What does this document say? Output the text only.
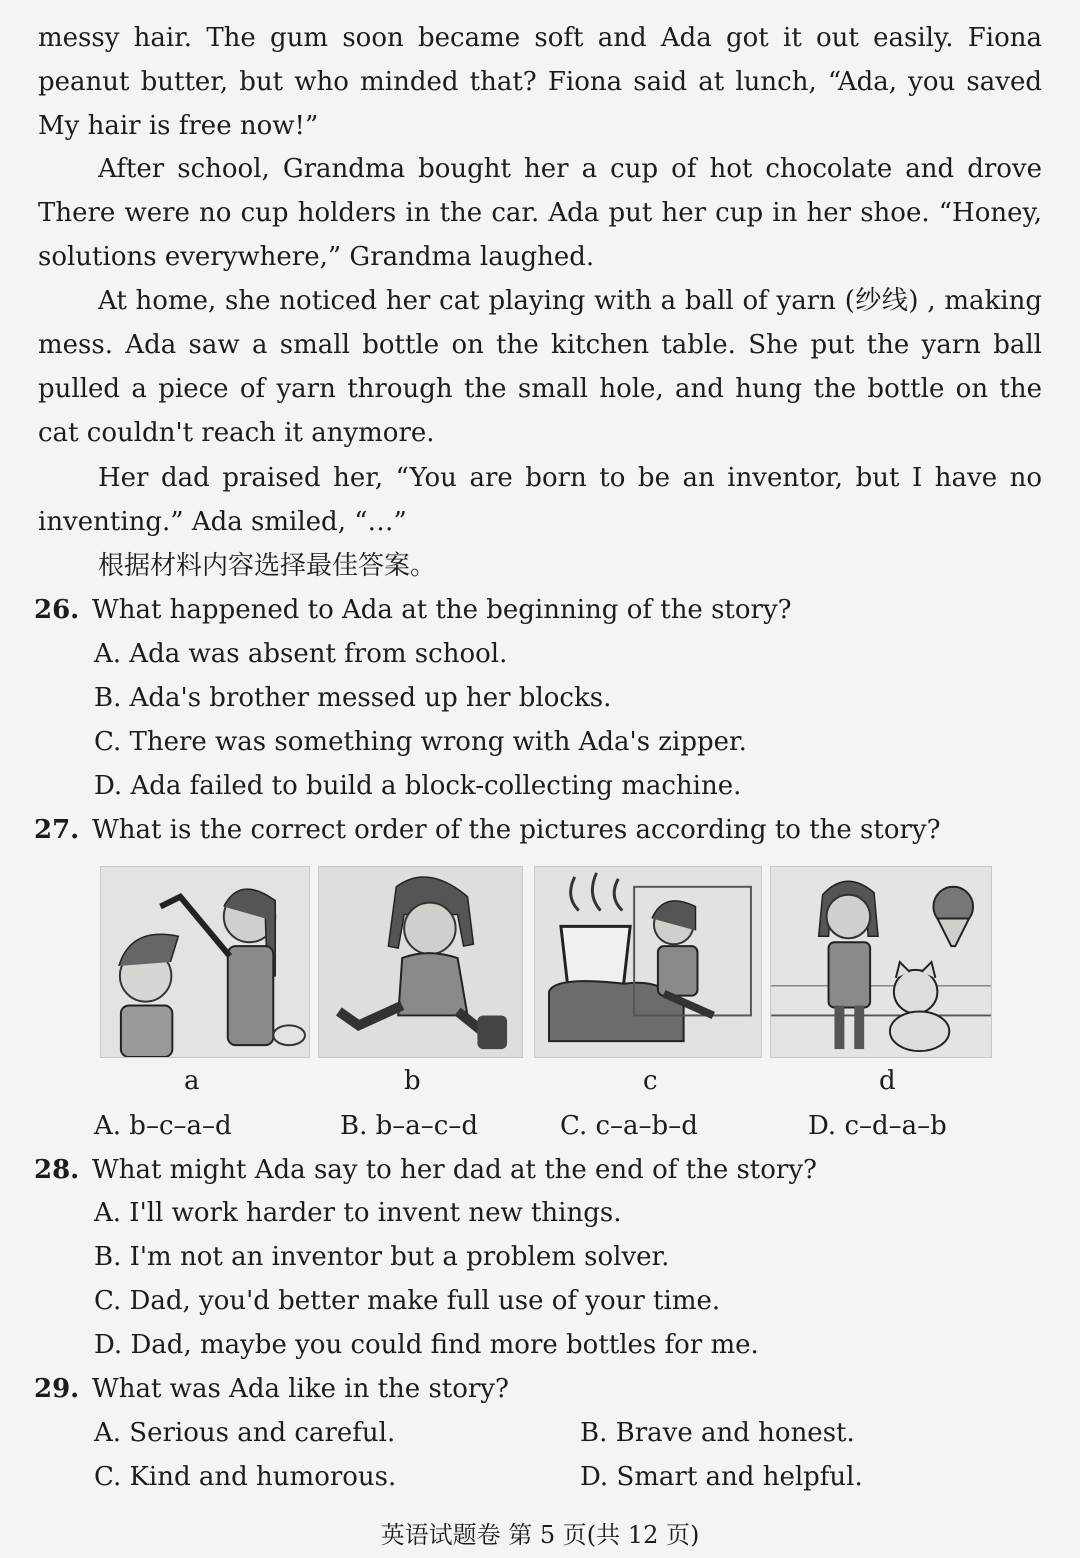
messy hair. The gum soon became soft and Ada got it out easily. Fiona
peanut butter, but who minded that? Fiona said at lunch, “Ada, you saved
My hair is free now!”
After school, Grandma bought her a cup of hot chocolate and drove
There were no cup holders in the car. Ada put her cup in her shoe. “Honey,
solutions everywhere,” Grandma laughed.
At home, she noticed her cat playing with a ball of yarn (纱线) , making
mess. Ada saw a small bottle on the kitchen table. She put the yarn ball
pulled a piece of yarn through the small hole, and hung the bottle on the
cat couldn't reach it anymore.
Her dad praised her, “You are born to be an inventor, but I have no
inventing.” Ada smiled, “…”
根据材料内容选择最佳答案。
26. What happened to Ada at the beginning of the story?
A. Ada was absent from school.
B. Ada's brother messed up her blocks.
C. There was something wrong with Ada's zipper.
D. Ada failed to build a block-collecting machine.
27. What is the correct order of the pictures according to the story?
a	b	c	d
A. b–c–a–d	B. b–a–c–d	C. c–a–b–d	D. c–d–a–b
28. What might Ada say to her dad at the end of the story?
A. I'll work harder to invent new things.
B. I'm not an inventor but a problem solver.
C. Dad, you'd better make full use of your time.
D. Dad, maybe you could find more bottles for me.
29. What was Ada like in the story?
A. Serious and careful.	B. Brave and honest.
C. Kind and humorous.	D. Smart and helpful.
英语试题卷 第 5 页(共 12 页)
